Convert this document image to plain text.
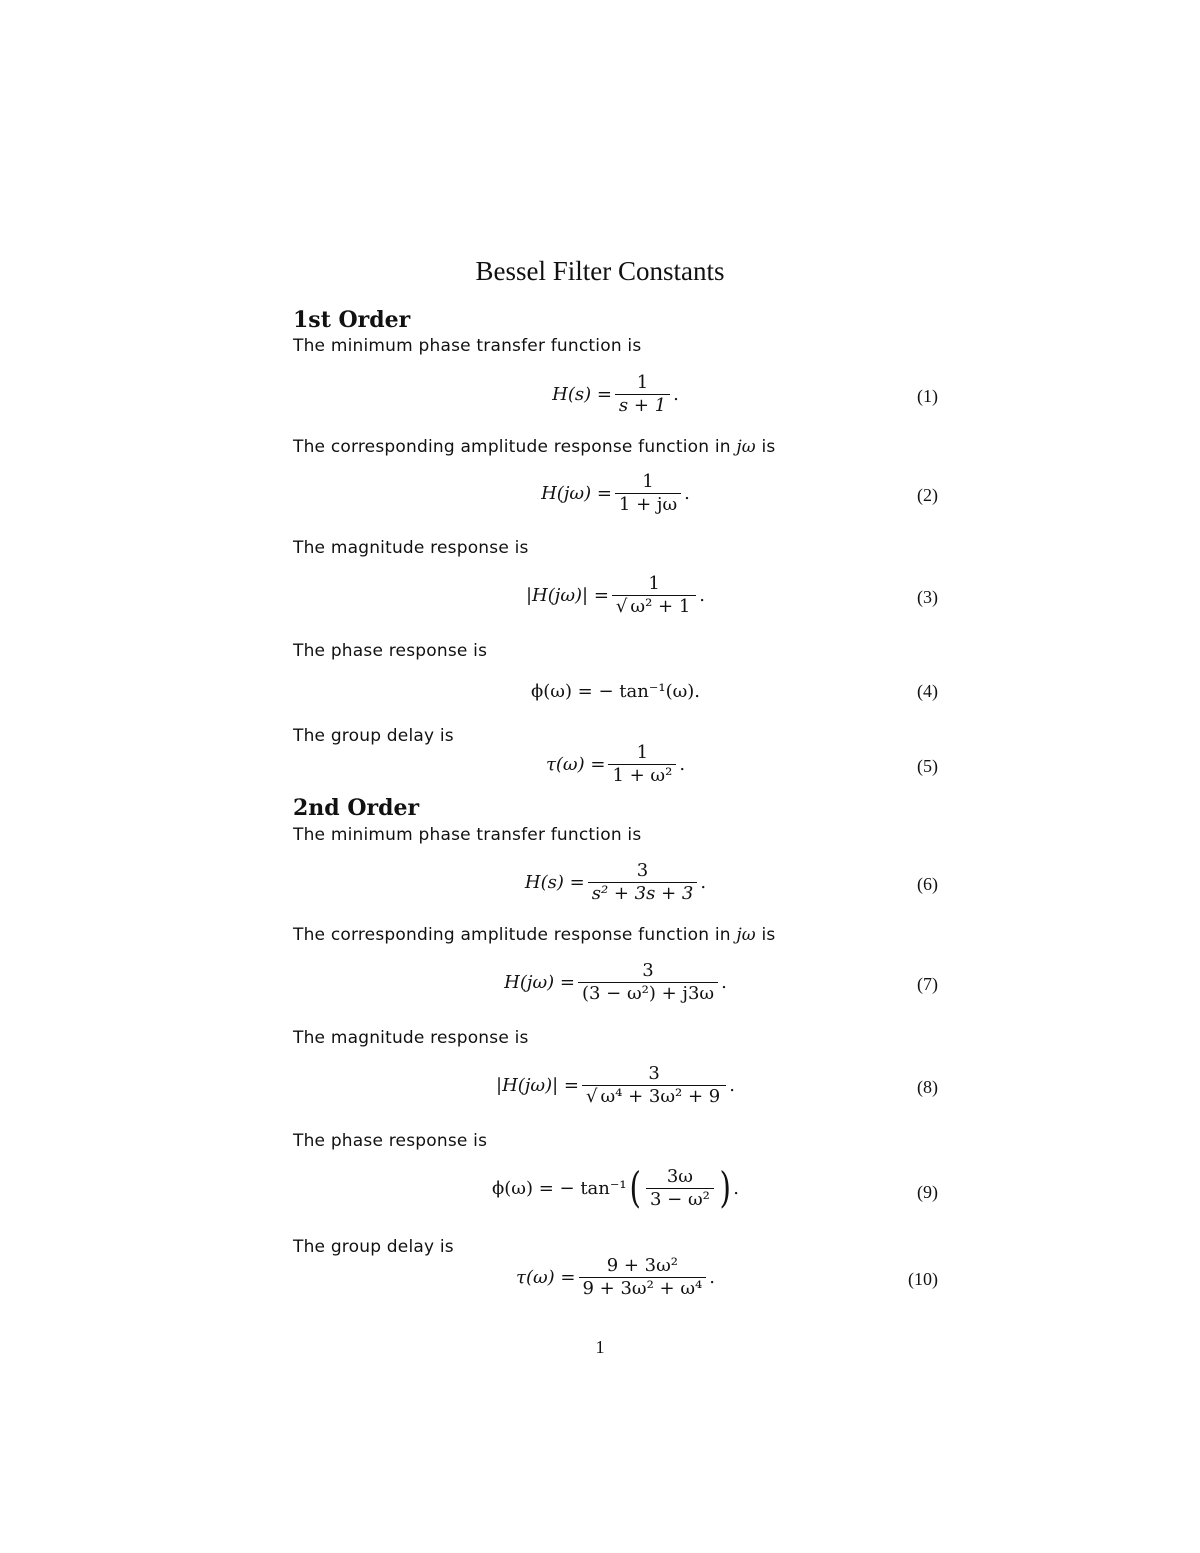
Bessel Filter Constants
1st Order
The minimum phase transfer function is
$H(s) = \frac{1}{s + 1}$ .	(1)
The corresponding amplitude response function in jω is
$H(j\omega) = \frac{1}{1 + j\omega}$ .	(2)
The magnitude response is
$|H(j\omega)| = \frac{1}{\text{√ ω² + 1}}$ .	(3)
The phase response is
ϕ(ω) = − tan⁻¹(ω).	(4)
The group delay is
$\tau(\omega) = \frac{1}{\text{1 + ω²}}$ .	(5)
2nd Order
The minimum phase transfer function is
$H(s) = \frac{3}{\text{s² + 3s + 3}}$ .	(6)
The corresponding amplitude response function in jω is
$H(j\omega) = \frac{3}{\text{(3 − ω²) + j3ω}}$ .	(7)
The magnitude response is
$|H(j\omega)| = \frac{3}{\text{√ ω⁴ + 3ω² + 9}}$ .	(8)
The phase response is
ϕ(ω) = − tan⁻¹ ( $\frac{3\omega}{\text{3 − ω²}}$ ) .	(9)
The group delay is
$\tau(\omega) = \frac{\text{9 + 3ω²}}{\text{9 + 3ω² + ω⁴}}$ .	(10)
1
